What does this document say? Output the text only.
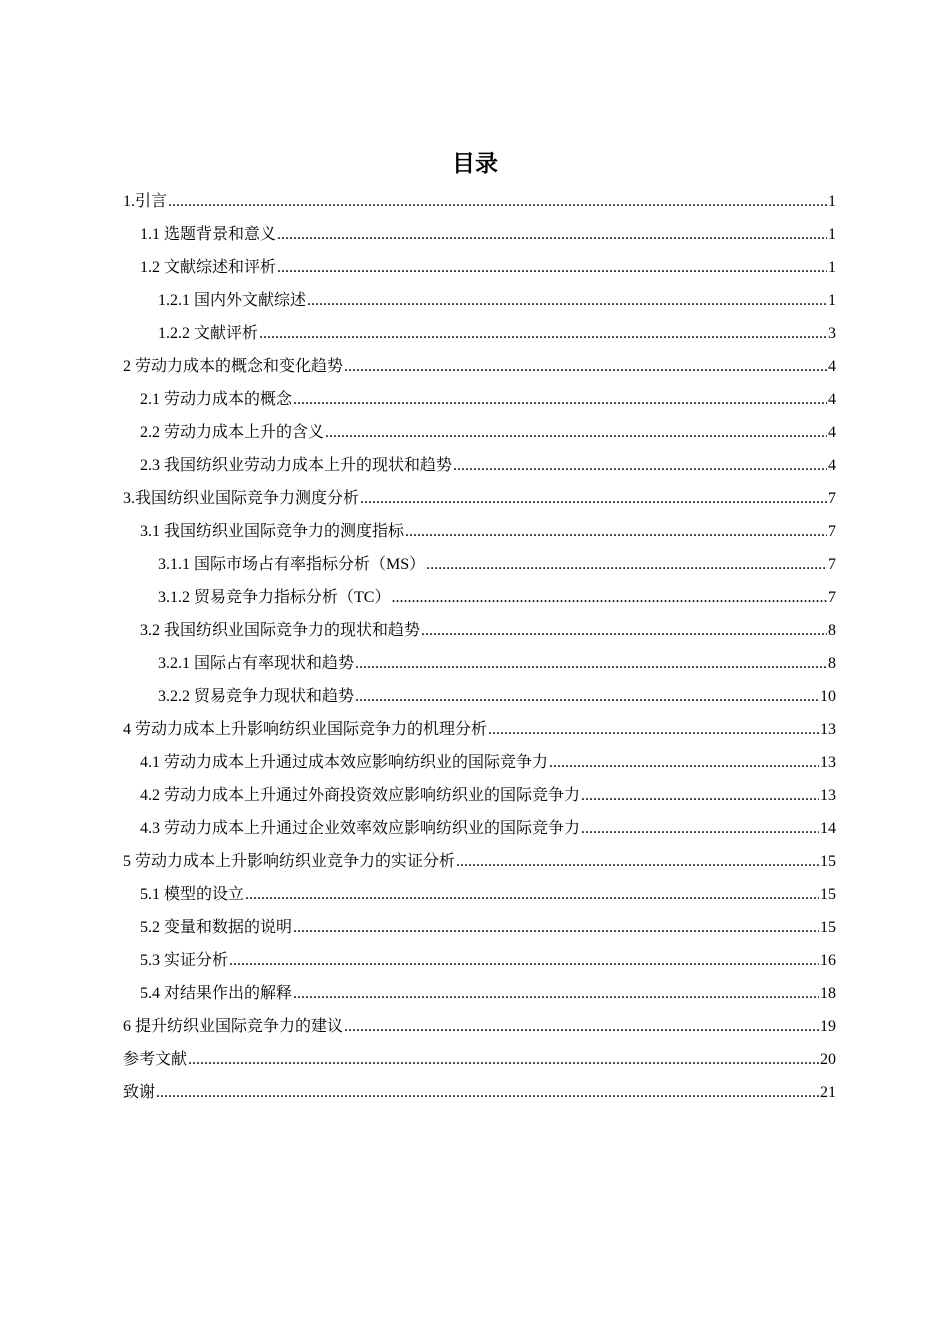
目录
1.引言 .....	1
1.1 选题背景和意义 .....	1
1.2 文献综述和评析 .....	1
1.2.1 国内外文献综述 .....	1
1.2.2 文献评析 .....	3
2 劳动力成本的概念和变化趋势 .....	4
2.1 劳动力成本的概念 .....	4
2.2 劳动力成本上升的含义 .....	4
2.3 我国纺织业劳动力成本上升的现状和趋势 .....	4
3.我国纺织业国际竞争力测度分析 .....	7
3.1 我国纺织业国际竞争力的测度指标 .....	7
3.1.1 国际市场占有率指标分析（MS） .....	7
3.1.2 贸易竞争力指标分析（TC） .....	7
3.2 我国纺织业国际竞争力的现状和趋势 .....	8
3.2.1 国际占有率现状和趋势 .....	8
3.2.2 贸易竞争力现状和趋势 .....	10
4 劳动力成本上升影响纺织业国际竞争力的机理分析 .....	13
4.1 劳动力成本上升通过成本效应影响纺织业的国际竞争力 .....	13
4.2 劳动力成本上升通过外商投资效应影响纺织业的国际竞争力 .....	13
4.3 劳动力成本上升通过企业效率效应影响纺织业的国际竞争力 .....	14
5 劳动力成本上升影响纺织业竞争力的实证分析 .....	15
5.1 模型的设立 .....	15
5.2 变量和数据的说明 .....	15
5.3 实证分析 .....	16
5.4 对结果作出的解释 .....	18
6 提升纺织业国际竞争力的建议 .....	19
参考文献 .....	20
致谢 .....	21
